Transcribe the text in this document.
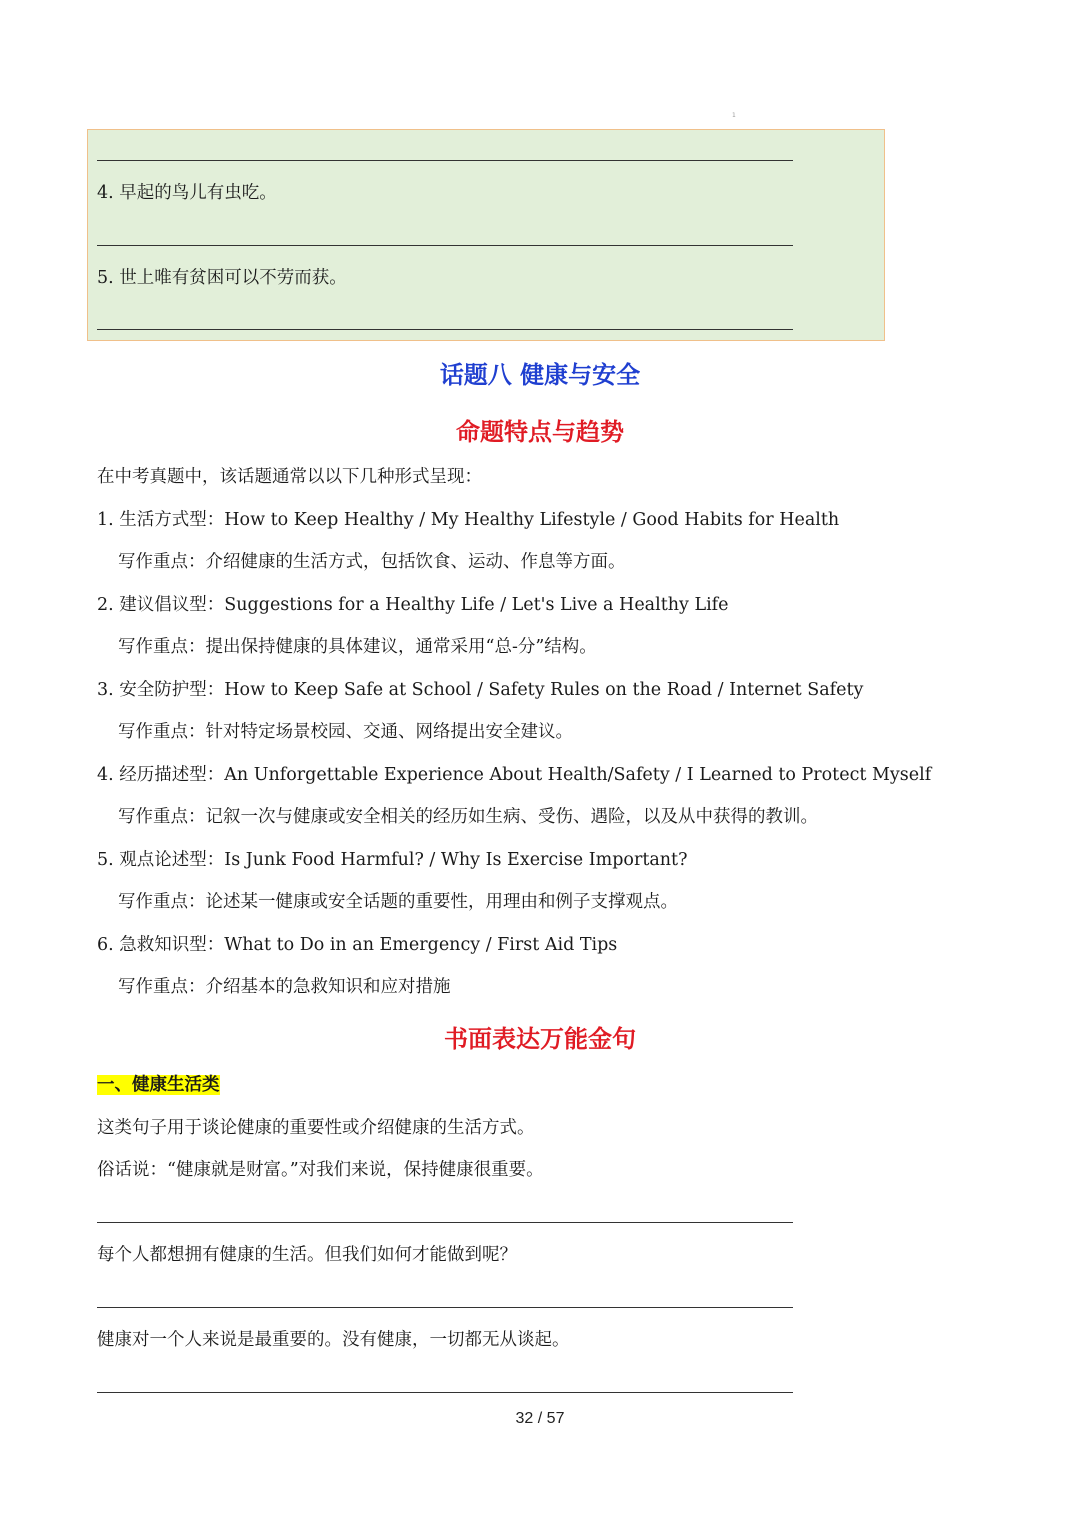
1
4. 早起的鸟儿有虫吃。
5. 世上唯有贫困可以不劳而获。
话题八 健康与安全
命题特点与趋势
在中考真题中，该话题通常以以下几种形式呈现：
1. 生活方式型：How to Keep Healthy / My Healthy Lifestyle / Good Habits for Health
写作重点：介绍健康的生活方式，包括饮食、运动、作息等方面。
2. 建议倡议型：Suggestions for a Healthy Life / Let's Live a Healthy Life
写作重点：提出保持健康的具体建议，通常采用“总-分”结构。
3. 安全防护型：How to Keep Safe at School / Safety Rules on the Road / Internet Safety
写作重点：针对特定场景校园、交通、网络提出安全建议。
4. 经历描述型：An Unforgettable Experience About Health/Safety / I Learned to Protect Myself
写作重点：记叙一次与健康或安全相关的经历如生病、受伤、遇险，以及从中获得的教训。
5. 观点论述型：Is Junk Food Harmful? / Why Is Exercise Important?
写作重点：论述某一健康或安全话题的重要性，用理由和例子支撑观点。
6. 急救知识型：What to Do in an Emergency / First Aid Tips
写作重点：介绍基本的急救知识和应对措施
书面表达万能金句
一、健康生活类
这类句子用于谈论健康的重要性或介绍健康的生活方式。
俗话说：“健康就是财富。”对我们来说，保持健康很重要。
每个人都想拥有健康的生活。但我们如何才能做到呢？
健康对一个人来说是最重要的。没有健康，一切都无从谈起。
32 / 57
